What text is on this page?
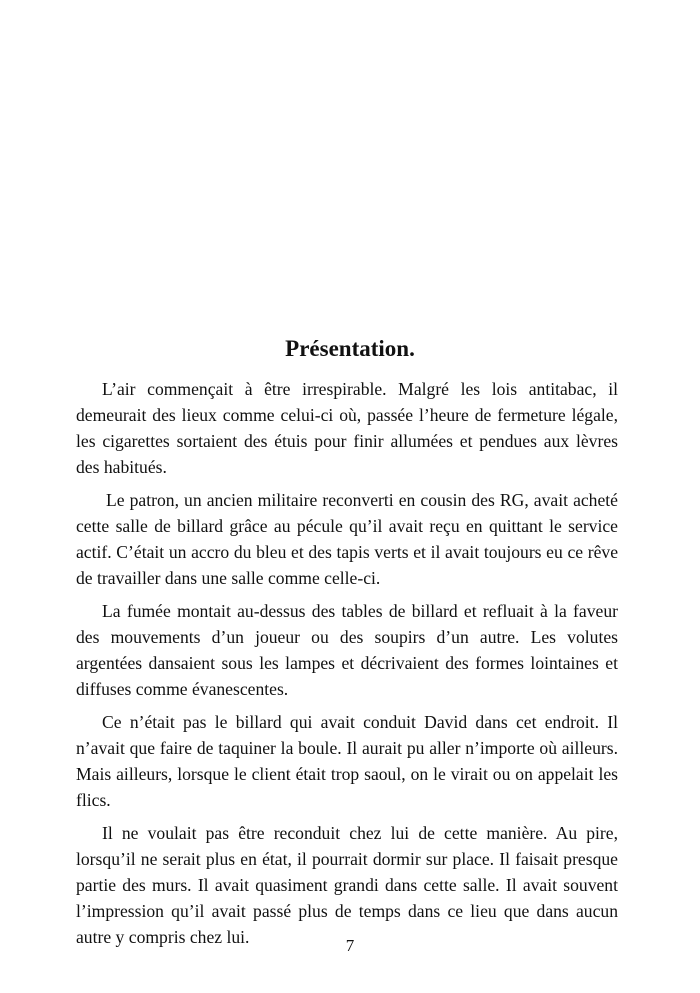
Présentation.

L’air commençait à être irrespirable. Malgré les lois antitabac, il demeurait des lieux comme celui-ci où, passée l’heure de fermeture légale, les cigarettes sortaient des étuis pour finir allumées et pendues aux lèvres des habitués.

Le patron, un ancien militaire reconverti en cousin des RG, avait acheté cette salle de billard grâce au pécule qu’il avait reçu en quittant le service actif. C’était un accro du bleu et des tapis verts et il avait toujours eu ce rêve de travailler dans une salle comme celle-ci.

La fumée montait au-dessus des tables de billard et refluait à la faveur des mouvements d’un joueur ou des soupirs d’un autre. Les volutes argentées dansaient sous les lampes et décrivaient des formes lointaines et diffuses comme évanescentes.

Ce n’était pas le billard qui avait conduit David dans cet endroit. Il n’avait que faire de taquiner la boule. Il aurait pu aller n’importe où ailleurs. Mais ailleurs, lorsque le client était trop saoul, on le virait ou on appelait les flics.

Il ne voulait pas être reconduit chez lui de cette manière. Au pire, lorsqu’il ne serait plus en état, il pourrait dormir sur place. Il faisait presque partie des murs. Il avait quasiment grandi dans cette salle. Il avait souvent l’impression qu’il avait passé plus de temps dans ce lieu que dans aucun autre y compris chez lui.	7
